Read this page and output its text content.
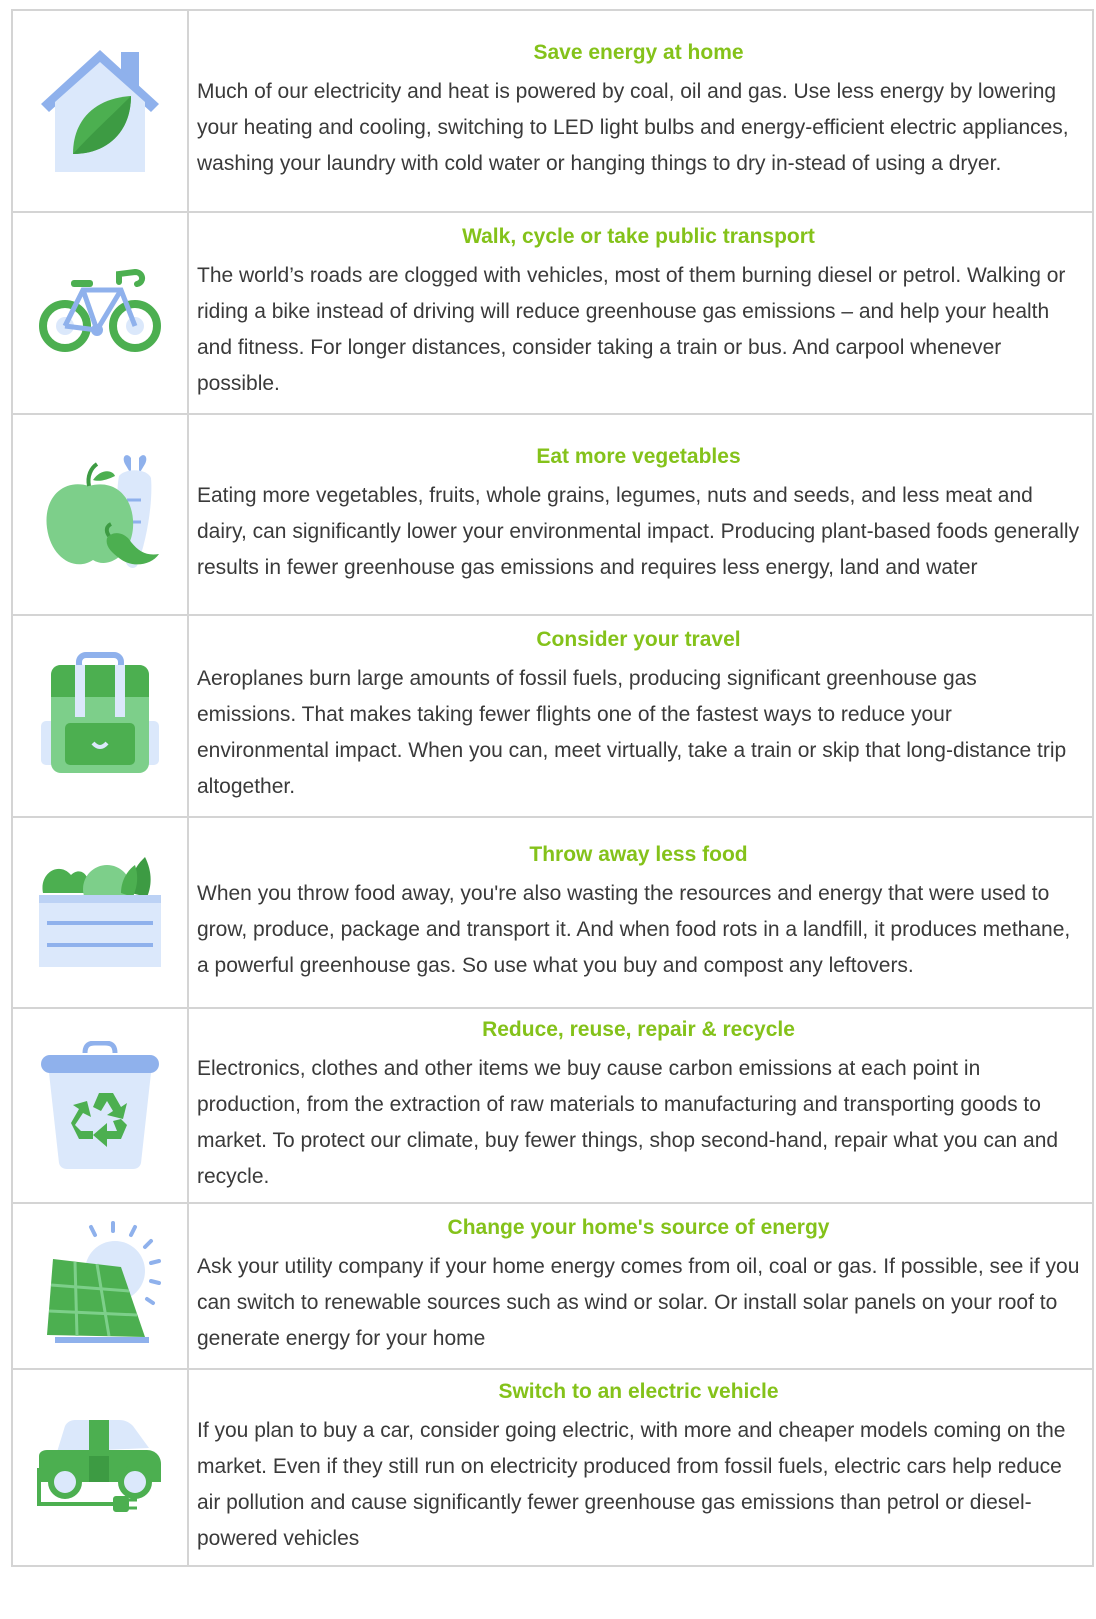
Save energy at home
Much of our electricity and heat is powered by coal, oil and gas. Use less energy by lowering your heating and cooling, switching to LED light bulbs and energy-efficient electric appliances, washing your laundry with cold water or hanging things to dry in-stead of using a dryer.

Walk, cycle or take public transport
The world’s roads are clogged with vehicles, most of them burning diesel or petrol. Walking or riding a bike instead of driving will reduce greenhouse gas emissions – and help your health and fitness. For longer distances, consider taking a train or bus. And carpool whenever possible.

Eat more vegetables
Eating more vegetables, fruits, whole grains, legumes, nuts and seeds, and less meat and dairy, can significantly lower your environmental impact. Producing plant-based foods generally results in fewer greenhouse gas emissions and requires less energy, land and water

Consider your travel
Aeroplanes burn large amounts of fossil fuels, producing significant greenhouse gas emissions. That makes taking fewer flights one of the fastest ways to reduce your environmental impact. When you can, meet virtually, take a train or skip that long-distance trip altogether.

Throw away less food
When you throw food away, you're also wasting the resources and energy that were used to grow, produce, package and transport it. And when food rots in a landfill, it produces methane, a powerful greenhouse gas. So use what you buy and compost any leftovers.

Reduce, reuse, repair & recycle
Electronics, clothes and other items we buy cause carbon emissions at each point in production, from the extraction of raw materials to manufacturing and transporting goods to market. To protect our climate, buy fewer things, shop second-hand, repair what you can and recycle.

Change your home's source of energy
Ask your utility company if your home energy comes from oil, coal or gas. If possible, see if you can switch to renewable sources such as wind or solar. Or install solar panels on your roof to generate energy for your home

Switch to an electric vehicle
If you plan to buy a car, consider going electric, with more and cheaper models coming on the market. Even if they still run on electricity produced from fossil fuels, electric cars help reduce air pollution and cause significantly fewer greenhouse gas emissions than petrol or diesel-powered vehicles
